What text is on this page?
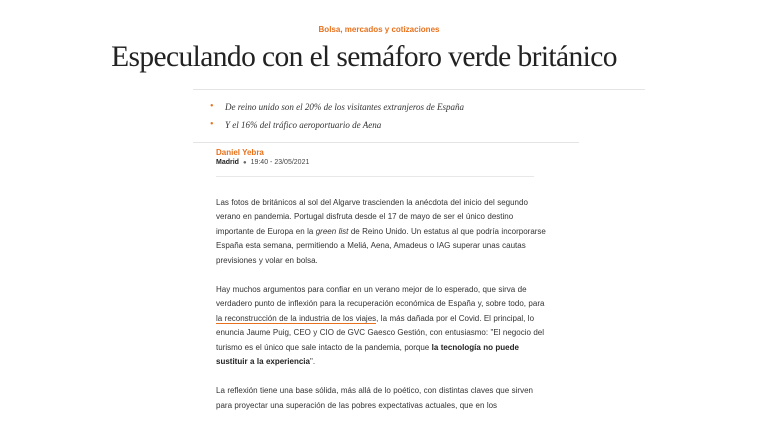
Bolsa, mercados y cotizaciones
Especulando con el semáforo verde británico
• De reino unido son el 20% de los visitantes extranjeros de España
• Y el 16% del tráfico aeroportuario de Aena
Daniel Yebra
Madrid ● 19:40 - 23/05/2021

Las fotos de británicos al sol del Algarve trascienden la anécdota del inicio del segundo verano en pandemia. Portugal disfruta desde el 17 de mayo de ser el único destino importante de Europa en la green list de Reino Unido. Un estatus al que podría incorporarse España esta semana, permitiendo a Meliá, Aena, Amadeus o IAG superar unas cautas previsiones y volar en bolsa.

Hay muchos argumentos para confiar en un verano mejor de lo esperado, que sirva de verdadero punto de inflexión para la recuperación económica de España y, sobre todo, para la reconstrucción de la industria de los viajes, la más dañada por el Covid. El principal, lo enuncia Jaume Puig, CEO y CIO de GVC Gaesco Gestión, con entusiasmo: "El negocio del turismo es el único que sale intacto de la pandemia, porque la tecnología no puede sustituir a la experiencia".

La reflexión tiene una base sólida, más allá de lo poético, con distintas claves que sirven para proyectar una superación de las pobres expectativas actuales, que en los
